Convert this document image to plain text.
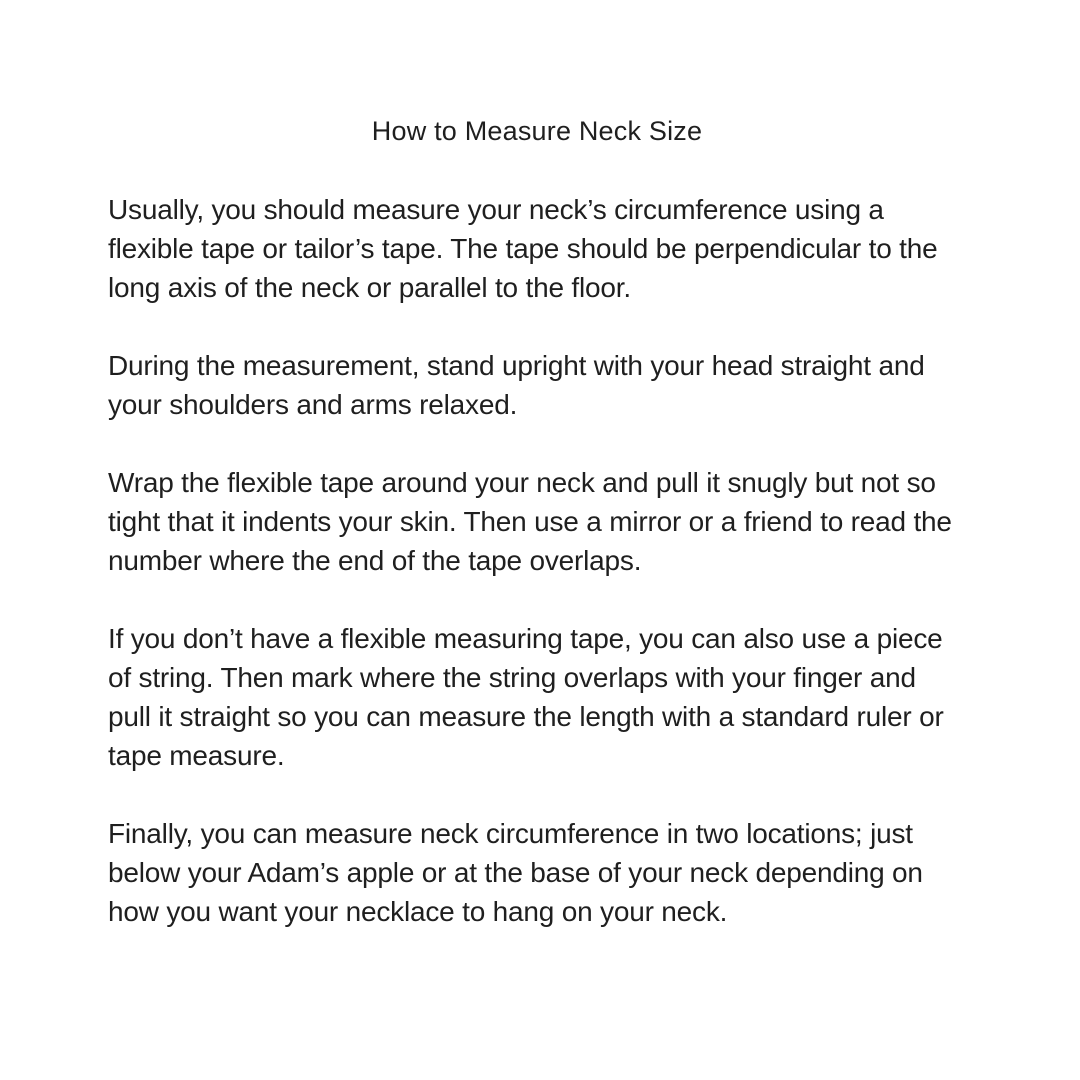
How to Measure Neck Size

Usually, you should measure your neck’s circumference using a flexible tape or tailor’s tape. The tape should be perpendicular to the long axis of the neck or parallel to the floor.

During the measurement, stand upright with your head straight and your shoulders and arms relaxed.

Wrap the flexible tape around your neck and pull it snugly but not so tight that it indents your skin. Then use a mirror or a friend to read the number where the end of the tape overlaps.

If you don’t have a flexible measuring tape, you can also use a piece of string. Then mark where the string overlaps with your finger and pull it straight so you can measure the length with a standard ruler or tape measure.

Finally, you can measure neck circumference in two locations; just below your Adam’s apple or at the base of your neck depending on how you want your necklace to hang on your neck.
